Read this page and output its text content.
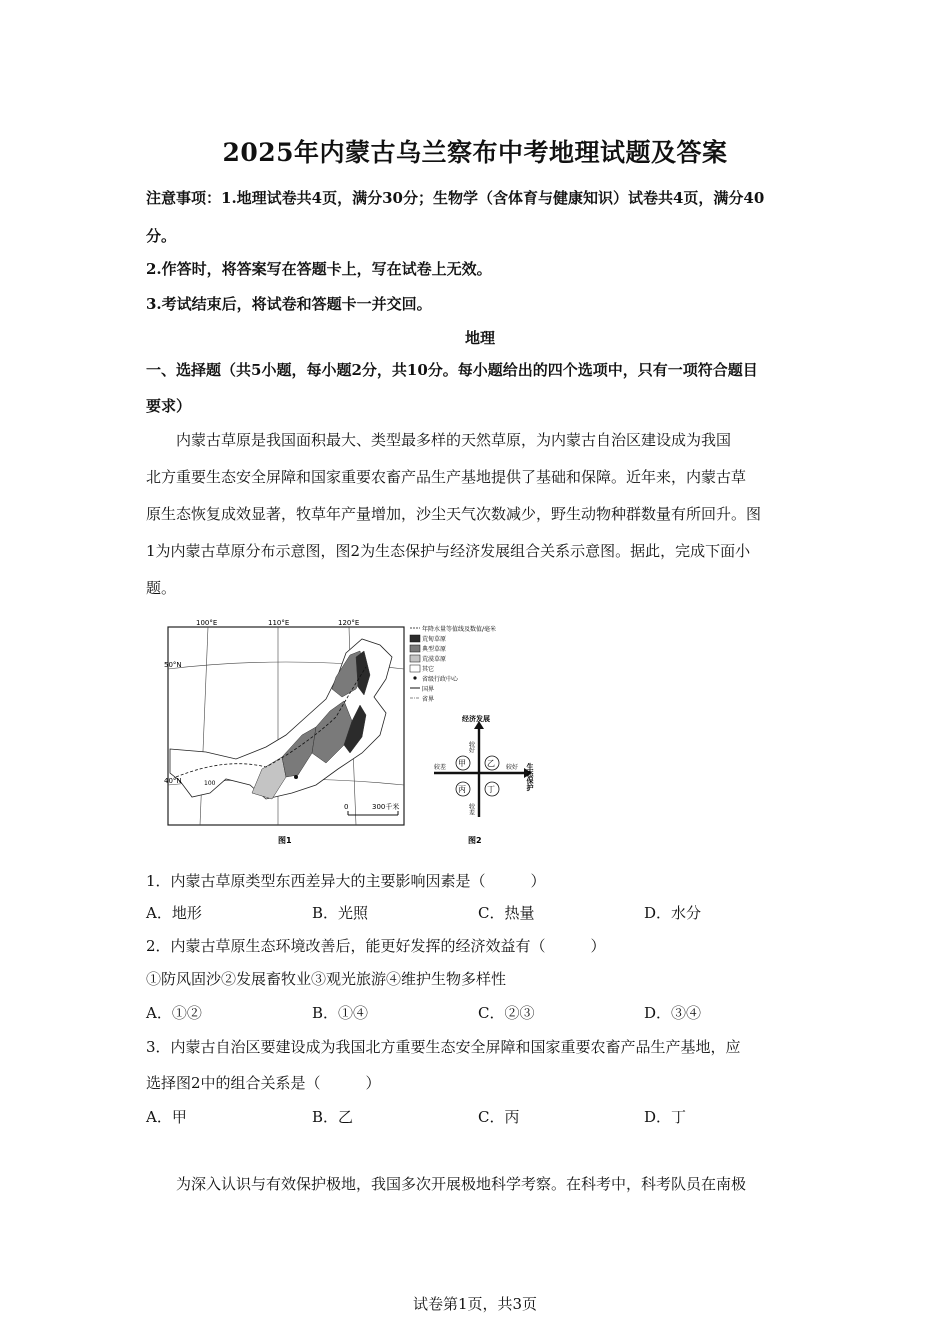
2025年内蒙古乌兰察布中考地理试题及答案
注意事项：1.地理试卷共4页，满分30分；生物学（含体育与健康知识）试卷共4页，满分40
分。
2.作答时，将答案写在答题卡上，写在试卷上无效。
3.考试结束后，将试卷和答题卡一并交回。
地理
一、选择题（共5小题，每小题2分，共10分。每小题给出的四个选项中，只有一项符合题目
要求）
内蒙古草原是我国面积最大、类型最多样的天然草原，为内蒙古自治区建设成为我国
北方重要生态安全屏障和国家重要农畜产品生产基地提供了基础和保障。近年来，内蒙古草
原生态恢复成效显著，牧草年产量增加，沙尘天气次数减少，野生动物种群数量有所回升。图
1为内蒙古草原分布示意图，图2为生态保护与经济发展组合关系示意图。据此，完成下面小
题。
100°E	110°E	120°E
50°N
40°N	100
0	300千米
图1
年降水量等值线及数值/毫米
荒甸草原
典型草原
荒漠草原
其它
省级行政中心
国界
省界
经济发展
生态保护
较好
较差
较差	较好
甲	乙
丙	丁
图2
1．内蒙古草原类型东西差异大的主要影响因素是（　　　）
A．地形	B．光照	C．热量	D．水分
2．内蒙古草原生态环境改善后，能更好发挥的经济效益有（　　　）
①防风固沙②发展畜牧业③观光旅游④维护生物多样性
A．①②	B．①④	C．②③	D．③④
3．内蒙古自治区要建设成为我国北方重要生态安全屏障和国家重要农畜产品生产基地，应
选择图2中的组合关系是（　　　）
A．甲	B．乙	C．丙	D．丁
为深入认识与有效保护极地，我国多次开展极地科学考察。在科考中，科考队员在南极
试卷第1页，共3页
